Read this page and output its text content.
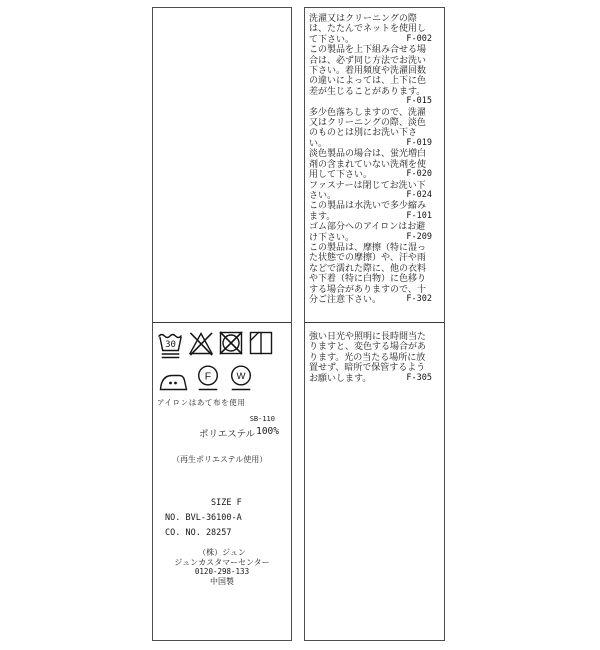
30
F	W
アイロンはあて布を使用
SB-110
ポリエステル 100%
（再生ポリエステル使用）
SIZE F
NO. BVL-36100-A
CO. NO. 28257
（株）ジュン
ジュンカスタマーセンター
0120-298-133
中国製

洗濯又はクリーニングの際は、たたんでネットを使用して下さい。	F-002

この製品を上下組み合せる場合は、必ず同じ方法でお洗い下さい。着用頻度や洗濯回数の違いによっては、上下に色差が生じることがあります。
F-015

多少色落ちしますので、洗濯又はクリーニングの際、淡色のものとは別にお洗い下さい。	F-019

淡色製品の場合は、蛍光増白剤の含まれていない洗剤を使用して下さい。	F-020

ファスナーは閉じてお洗い下さい。	F-024

この製品は水洗いで多少縮みます。	F-101

ゴム部分へのアイロンはお避け下さい。	F-209

この製品は、摩擦（特に湿った状態での摩擦）や、汗や雨などで濡れた際に、他の衣料や下着（特に白物）に色移りする場合がありますので、十分ご注意下さい。	F-302

強い日光や照明に長時間当たりますと、変色する場合があります。光の当たる場所に放置せず、暗所で保管するようお願いします。	F-305
